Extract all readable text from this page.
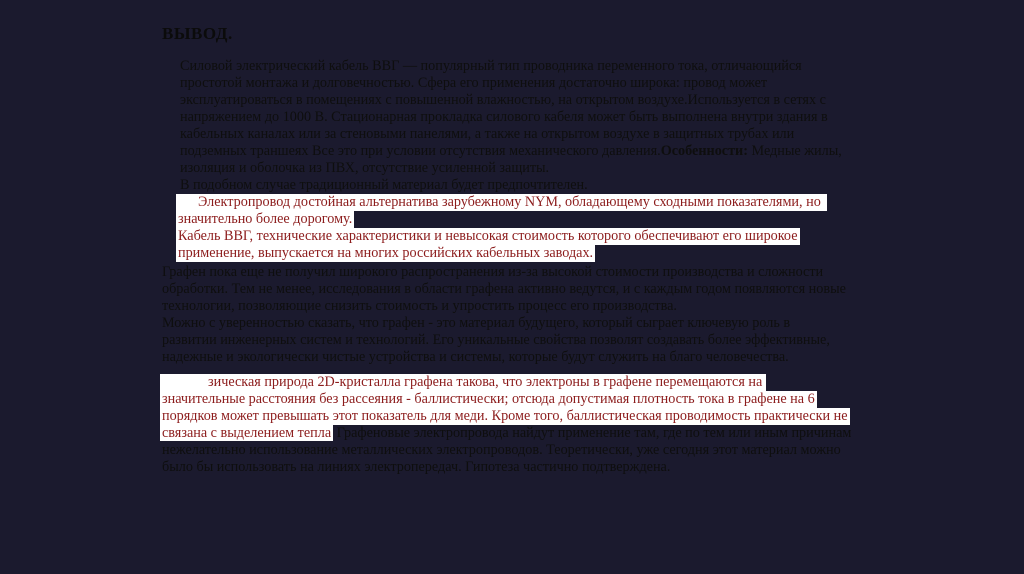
ВЫВОД.
Силовой электрический кабель ВВГ — популярный тип проводника переменного тока, отличающийся
простотой монтажа и долговечностью. Сфера его применения достаточно широка: провод может
эксплуатироваться в помещениях с повышенной влажностью, на открытом воздухе.Используется в сетях с
напряжением до 1000 В. Стационарная прокладка силового кабеля может быть выполнена внутри здания в
кабельных каналах или за стеновыми панелями, а также на открытом воздухе в защитных трубах или
подземных траншеях Все это при условии отсутствия механического давления.Особенности: Медные жилы,
изоляция и оболочка из ПВХ, отсутствие усиленной защиты.
В подобном случае традиционный материал будет предпочтителен.
Электропровод достойная альтернатива зарубежному NYM, обладающему сходными показателями, но
значительно более дорогому.
Кабель ВВГ, технические характеристики и невысокая стоимость которого обеспечивают его широкое
применение, выпускается на многих российских кабельных заводах.
Графен пока еще не получил широкого распространения из-за высокой стоимости производства и сложности
обработки. Тем не менее, исследования в области графена активно ведутся, и с каждым годом появляются новые
технологии, позволяющие снизить стоимость и упростить процесс его производства.
Можно с уверенностью сказать, что графен - это материал будущего, который сыграет ключевую роль в
развитии инженерных систем и технологий. Его уникальные свойства позволят создавать более эффективные,
надежные и экологически чистые устройства и системы, которые будут служить на благо человечества.
зическая природа 2D-кристалла графена такова, что электроны в графене перемещаются на
значительные расстояния без рассеяния - баллистически; отсюда допустимая плотность тока в графене на 6
порядков может превышать этот показатель для меди. Кроме того, баллистическая проводимость практически не
связана с выделением тепла Графеновые электропровода найдут применение там, где по тем или иным причинам
нежелательно использование металлических электропроводов. Теоретически, уже сегодня этот материал можно
было бы использовать на линиях электропередач. Гипотеза частично подтверждена.
